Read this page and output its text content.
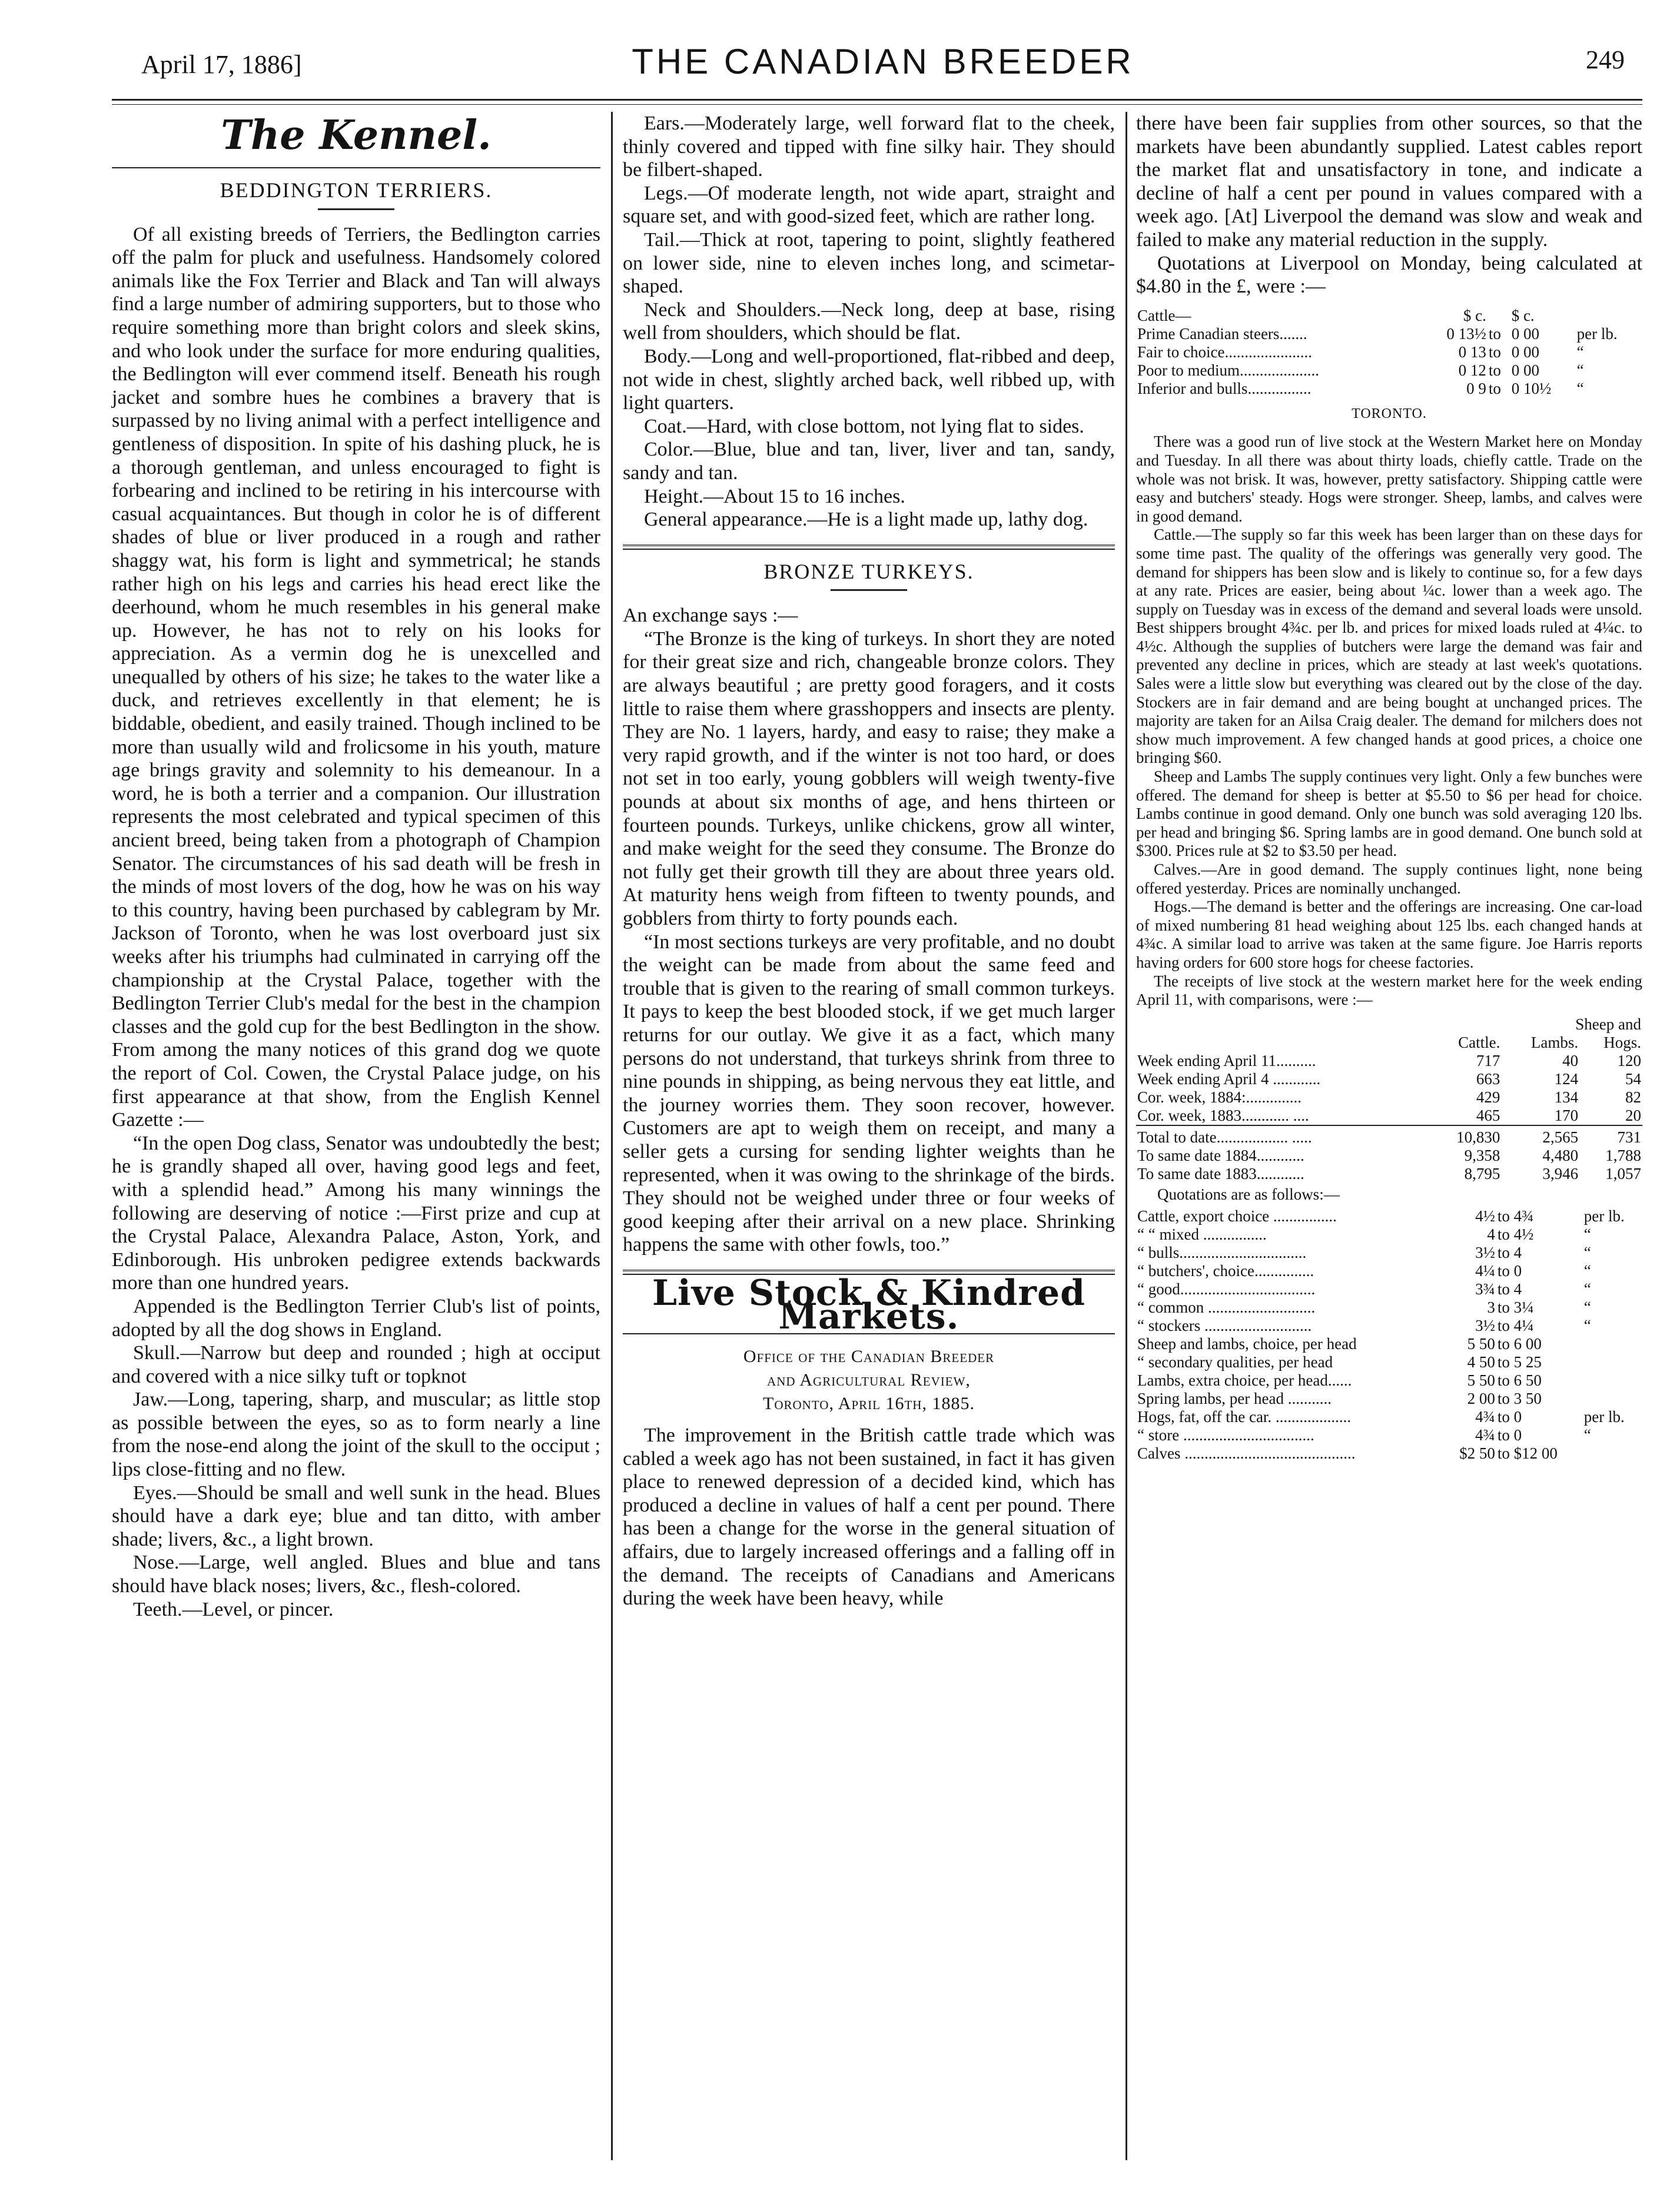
April 17, 1886]	THE CANADIAN BREEDER	249
The Kennel.
BEDDINGTON TERRIERS.

Of all existing breeds of Terriers, the Bedlington carries off the palm for pluck and usefulness. Handsomely colored animals like the Fox Terrier and Black and Tan will always find a large number of admiring supporters, but to those who require something more than bright colors and sleek skins, and who look under the surface for more enduring qualities, the Bedlington will ever commend itself. Beneath his rough jacket and sombre hues he combines a bravery that is surpassed by no living animal with a perfect intelligence and gentleness of disposition. In spite of his dashing pluck, he is a thorough gentleman, and unless encouraged to fight is forbearing and inclined to be retiring in his intercourse with casual acquaintances. But though in color he is of different shades of blue or liver produced in a rough and rather shaggy wat, his form is light and symmetrical; he stands rather high on his legs and carries his head erect like the deerhound, whom he much resembles in his general make up. However, he has not to rely on his looks for appreciation. As a vermin dog he is unexcelled and unequalled by others of his size; he takes to the water like a duck, and retrieves excellently in that element; he is biddable, obedient, and easily trained. Though inclined to be more than usually wild and frolicsome in his youth, mature age brings gravity and solemnity to his demeanour. In a word, he is both a terrier and a companion. Our illustration represents the most celebrated and typical specimen of this ancient breed, being taken from a photograph of Champion Senator. The circumstances of his sad death will be fresh in the minds of most lovers of the dog, how he was on his way to this country, having been purchased by cablegram by Mr. Jackson of Toronto, when he was lost overboard just six weeks after his triumphs had culminated in carrying off the championship at the Crystal Palace, together with the Bedlington Terrier Club's medal for the best in the champion classes and the gold cup for the best Bedlington in the show. From among the many notices of this grand dog we quote the report of Col. Cowen, the Crystal Palace judge, on his first appearance at that show, from the English Kennel Gazette :—

“In the open Dog class, Senator was undoubtedly the best; he is grandly shaped all over, having good legs and feet, with a splendid head.” Among his many winnings the following are deserving of notice :—First prize and cup at the Crystal Palace, Alexandra Palace, Aston, York, and Edinborough. His unbroken pedigree extends backwards more than one hundred years.

Appended is the Bedlington Terrier Club's list of points, adopted by all the dog shows in England.

Skull.—Narrow but deep and rounded ; high at occiput and covered with a nice silky tuft or topknot

Jaw.—Long, tapering, sharp, and muscular; as little stop as possible between the eyes, so as to form nearly a line from the nose-end along the joint of the skull to the occiput ; lips close-fitting and no flew.

Eyes.—Should be small and well sunk in the head. Blues should have a dark eye; blue and tan ditto, with amber shade; livers, &c., a light brown.

Nose.—Large, well angled. Blues and blue and tans should have black noses; livers, &c., flesh-colored.

Teeth.—Level, or pincer.

Ears.—Moderately large, well forward flat to the cheek, thinly covered and tipped with fine silky hair. They should be filbert-shaped.

Legs.—Of moderate length, not wide apart, straight and square set, and with good-sized feet, which are rather long.

Tail.—Thick at root, tapering to point, slightly feathered on lower side, nine to eleven inches long, and scimetar-shaped.

Neck and Shoulders.—Neck long, deep at base, rising well from shoulders, which should be flat.

Body.—Long and well-proportioned, flat-ribbed and deep, not wide in chest, slightly arched back, well ribbed up, with light quarters.

Coat.—Hard, with close bottom, not lying flat to sides.

Color.—Blue, blue and tan, liver, liver and tan, sandy, sandy and tan.

Height.—About 15 to 16 inches.

General appearance.—He is a light made up, lathy dog.

BRONZE TURKEYS.

An exchange says :—

“The Bronze is the king of turkeys. In short they are noted for their great size and rich, changeable bronze colors. They are always beautiful ; are pretty good foragers, and it costs little to raise them where grasshoppers and insects are plenty. They are No. 1 layers, hardy, and easy to raise; they make a very rapid growth, and if the winter is not too hard, or does not set in too early, young gobblers will weigh twenty-five pounds at about six months of age, and hens thirteen or fourteen pounds. Turkeys, unlike chickens, grow all winter, and make weight for the seed they consume. The Bronze do not fully get their growth till they are about three years old. At maturity hens weigh from fifteen to twenty pounds, and gobblers from thirty to forty pounds each.

“In most sections turkeys are very profitable, and no doubt the weight can be made from about the same feed and trouble that is given to the rearing of small common turkeys. It pays to keep the best blooded stock, if we get much larger returns for our outlay. We give it as a fact, which many persons do not understand, that turkeys shrink from three to nine pounds in shipping, as being nervous they eat little, and the journey worries them. They soon recover, however. Customers are apt to weigh them on receipt, and many a seller gets a cursing for sending lighter weights than he represented, when it was owing to the shrinkage of the birds. They should not be weighed under three or four weeks of good keeping after their arrival on a new place. Shrinking happens the same with other fowls, too.”

Live Stock & Kindred Markets.
Office of the Canadian Breeder
and Agricultural Review,
Toronto, April 16th, 1885.

The improvement in the British cattle trade which was cabled a week ago has not been sustained, in fact it has given place to renewed depression of a decided kind, which has produced a decline in values of half a cent per pound. There has been a change for the worse in the general situation of affairs, due to largely increased offerings and a falling off in the demand. The receipts of Canadians and Americans during the week have been heavy, while

there have been fair supplies from other sources, so that the markets have been abundantly supplied. Latest cables report the market flat and unsatisfactory in tone, and indicate a decline of half a cent per pound in values compared with a week ago. [At] Liverpool the demand was slow and weak and failed to make any material reduction in the supply.

Quotations at Liverpool on Monday, being calculated at $4.80 in the £, were :—

Cattle—	$ c.		$ c.	
Prime Canadian steers.......	0 13½	to	0 00	per lb.
Fair to choice......................	0 13	to	0 00	“
Poor to medium....................	0 12	to	0 00	“
Inferior and bulls................	0 9	to	0 10½	“
TORONTO.

There was a good run of live stock at the Western Market here on Monday and Tuesday. In all there was about thirty loads, chiefly cattle. Trade on the whole was not brisk. It was, however, pretty satisfactory. Shipping cattle were easy and butchers' steady. Hogs were stronger. Sheep, lambs, and calves were in good demand.

Cattle.—The supply so far this week has been larger than on these days for some time past. The quality of the offerings was generally very good. The demand for shippers has been slow and is likely to continue so, for a few days at any rate. Prices are easier, being about ¼c. lower than a week ago. The supply on Tuesday was in excess of the demand and several loads were unsold. Best shippers brought 4¾c. per lb. and prices for mixed loads ruled at 4¼c. to 4½c. Although the supplies of butchers were large the demand was fair and prevented any decline in prices, which are steady at last week's quotations. Sales were a little slow but everything was cleared out by the close of the day. Stockers are in fair demand and are being bought at unchanged prices. The majority are taken for an Ailsa Craig dealer. The demand for milchers does not show much improvement. A few changed hands at good prices, a choice one bringing $60.

Sheep and Lambs The supply continues very light. Only a few bunches were offered. The demand for sheep is better at $5.50 to $6 per head for choice. Lambs continue in good demand. Only one bunch was sold averaging 120 lbs. per head and bringing $6. Spring lambs are in good demand. One bunch sold at $300. Prices rule at $2 to $3.50 per head.

Calves.—Are in good demand. The supply continues light, none being offered yesterday. Prices are nominally unchanged.

Hogs.—The demand is better and the offerings are increasing. One car-load of mixed numbering 81 head weighing about 125 lbs. each changed hands at 4¾c. A similar load to arrive was taken at the same figure. Joe Harris reports having orders for 600 store hogs for cheese factories.

The receipts of live stock at the western market here for the week ending April 11, with comparisons, were :—

		Sheep and	
	Cattle.	Lambs.	Hogs.
Week ending April 11..........	717	40	120
Week ending April 4 ............	663	124	54
Cor. week, 1884:..............	429	134	82
Cor. week, 1883............ ....	465	170	20

Total to date.................. .....	10,830	2,565	731
To same date 1884............	9,358	4,480	1,788
To same date 1883............	8,795	3,946	1,057
Quotations are as follows:—
Cattle, export choice ................	4½	to 4¾	per lb.
“ “ mixed ................	4	to 4½	“
“ bulls................................	3½	to 4	“
“ butchers', choice...............	4¼	to 0	“
“ good..................................	3¾	to 4	“
“ common ...........................	3	to 3¼	“
“ stockers ...........................	3½	to 4¼	“
Sheep and lambs, choice, per head	5 50	to 6 00	
“ secondary qualities, per head	4 50	to 5 25	
Lambs, extra choice, per head......	5 50	to 6 50	
Spring lambs, per head ...........	2 00	to 3 50	
Hogs, fat, off the car. ...................	4¾	to 0	per lb.
“ store .................................	4¾	to 0	“
Calves ...........................................	$2 50	to $12 00	
